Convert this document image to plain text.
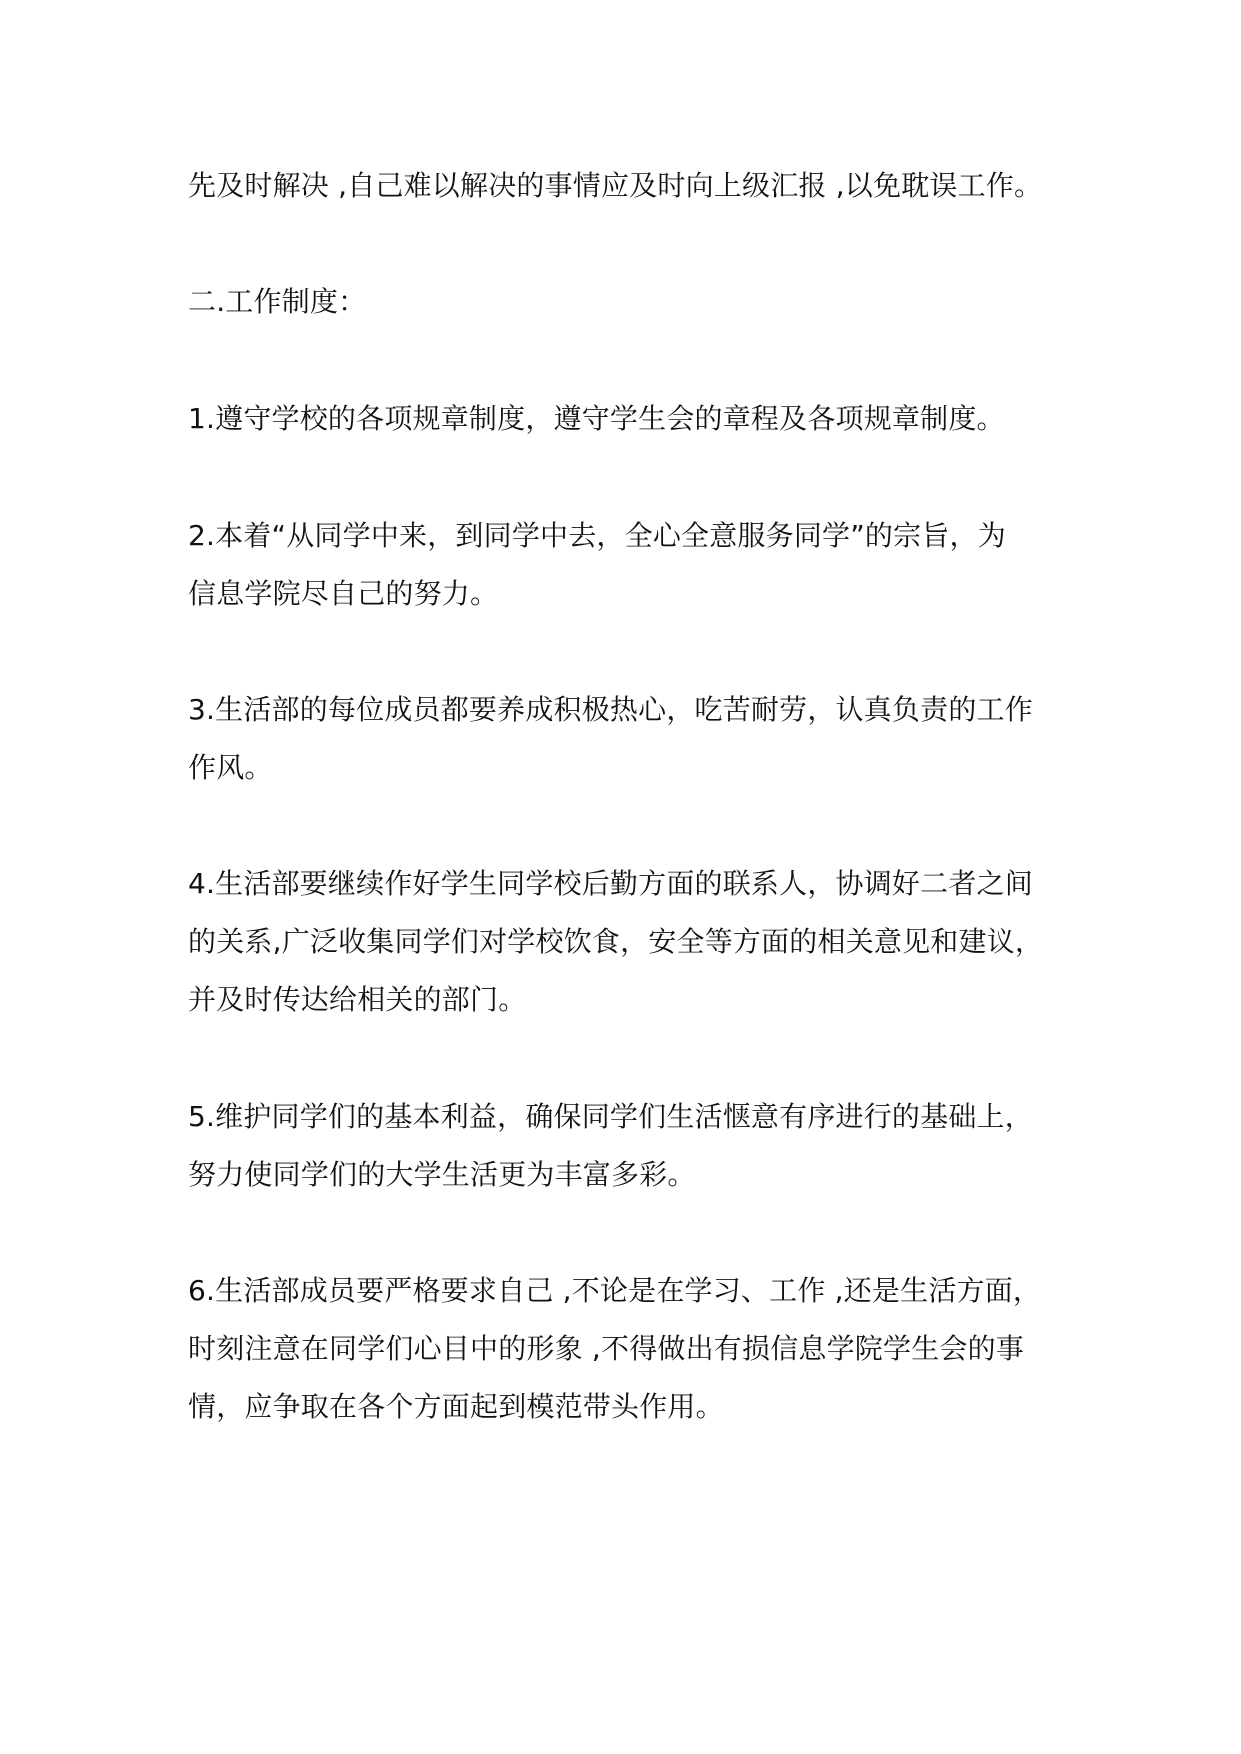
先及时解决 ,自己难以解决的事情应及时向上级汇报 ,以免耽误工作。
二.工作制度：
1.遵守学校的各项规章制度，遵守学生会的章程及各项规章制度。
2.本着“从同学中来，到同学中去，全心全意服务同学”的宗旨，为
信息学院尽自己的努力。
3.生活部的每位成员都要养成积极热心，吃苦耐劳，认真负责的工作
作风。
4.生活部要继续作好学生同学校后勤方面的联系人，协调好二者之间
的关系,广泛收集同学们对学校饮食，安全等方面的相关意见和建议，
并及时传达给相关的部门。
5.维护同学们的基本利益，确保同学们生活惬意有序进行的基础上，
努力使同学们的大学生活更为丰富多彩。
6.生活部成员要严格要求自己 ,不论是在学习、工作 ,还是生活方面，
时刻注意在同学们心目中的形象 ,不得做出有损信息学院学生会的事
情，应争取在各个方面起到模范带头作用。
